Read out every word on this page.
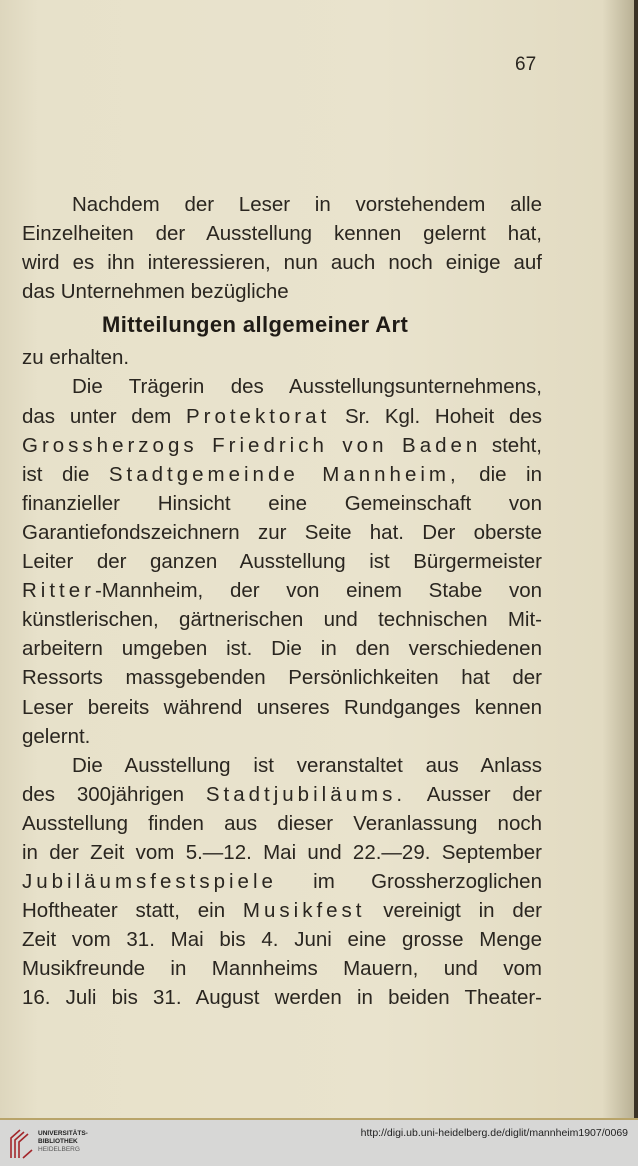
67
Nachdem der Leser in vorstehendem alle
Einzelheiten der Ausstellung kennen gelernt hat,
wird es ihn interessieren, nun auch noch einige auf
das Unternehmen bezügliche
Mitteilungen allgemeiner Art
zu erhalten.
Die Trägerin des Ausstellungsunternehmens,
das unter dem Protektorat Sr. Kgl. Hoheit des
Grossherzogs Friedrich von Baden steht,
ist die Stadtgemeinde Mannheim, die in
finanzieller Hinsicht eine Gemeinschaft von
Garantiefondszeichnern zur Seite hat. Der oberste
Leiter der ganzen Ausstellung ist Bürgermeister
Ritter-Mannheim, der von einem Stabe von
künstlerischen, gärtnerischen und technischen Mit-
arbeitern umgeben ist. Die in den verschiedenen
Ressorts massgebenden Persönlichkeiten hat der
Leser bereits während unseres Rundganges kennen
gelernt.
Die Ausstellung ist veranstaltet aus Anlass
des 300jährigen Stadtjubiläums. Ausser der
Ausstellung finden aus dieser Veranlassung noch
in der Zeit vom 5.—12. Mai und 22.—29. September
Jubiläumsfestspiele im Grossherzoglichen
Hoftheater statt, ein Musikfest vereinigt in der
Zeit vom 31. Mai bis 4. Juni eine grosse Menge
Musikfreunde in Mannheims Mauern, und vom
16. Juli bis 31. August werden in beiden Theater-
UNIVERSITÄTS-
BIBLIOTHEK
HEIDELBERG
http://digi.ub.uni-heidelberg.de/diglit/mannheim1907/0069
